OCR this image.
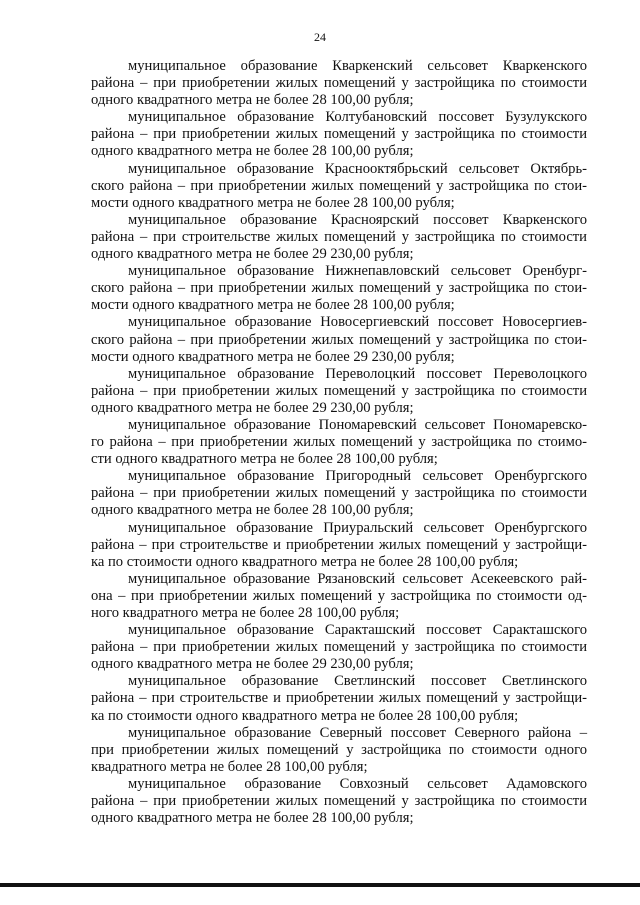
24

муниципальное образование Кваркенский сельсовет Кваркенского
района – при приобретении жилых помещений у застройщика по стоимости
одного квадратного метра не более 28 100,00 рубля;

муниципальное образование Колтубановский поссовет Бузулукского
района – при приобретении жилых помещений у застройщика по стоимости
одного квадратного метра не более 28 100,00 рубля;

муниципальное образование Краснооктябрьский сельсовет Октябрь-
ского района – при приобретении жилых помещений у застройщика по стои-
мости одного квадратного метра не более 28 100,00 рубля;

муниципальное образование Красноярский поссовет Кваркенского
района – при строительстве жилых помещений у застройщика по стоимости
одного квадратного метра не более 29 230,00 рубля;

муниципальное образование Нижнепавловский сельсовет Оренбург-
ского района – при приобретении жилых помещений у застройщика по стои-
мости одного квадратного метра не более 28 100,00 рубля;

муниципальное образование Новосергиевский поссовет Новосергиев-
ского района – при приобретении жилых помещений у застройщика по стои-
мости одного квадратного метра не более 29 230,00 рубля;

муниципальное образование Переволоцкий поссовет Переволоцкого
района – при приобретении жилых помещений у застройщика по стоимости
одного квадратного метра не более 29 230,00 рубля;

муниципальное образование Пономаревский сельсовет Пономаревско-
го района – при приобретении жилых помещений у застройщика по стоимо-
сти одного квадратного метра не более 28 100,00 рубля;

муниципальное образование Пригородный сельсовет Оренбургского
района – при приобретении жилых помещений у застройщика по стоимости
одного квадратного метра не более 28 100,00 рубля;

муниципальное образование Приуральский сельсовет Оренбургского
района – при строительстве и приобретении жилых помещений у застройщи-
ка по стоимости одного квадратного метра не более 28 100,00 рубля;

муниципальное образование Рязановский сельсовет Асекеевского рай-
она – при приобретении жилых помещений у застройщика по стоимости од-
ного квадратного метра не более 28 100,00 рубля;

муниципальное образование Саракташский поссовет Саракташского
района – при приобретении жилых помещений у застройщика по стоимости
одного квадратного метра не более 29 230,00 рубля;

муниципальное образование Светлинский поссовет Светлинского
района – при строительстве и приобретении жилых помещений у застройщи-
ка по стоимости одного квадратного метра не более 28 100,00 рубля;

муниципальное образование Северный поссовет Северного района –
при приобретении жилых помещений у застройщика по стоимости одного
квадратного метра не более 28 100,00 рубля;

муниципальное образование Совхозный сельсовет Адамовского
района – при приобретении жилых помещений у застройщика по стоимости
одного квадратного метра не более 28 100,00 рубля;
